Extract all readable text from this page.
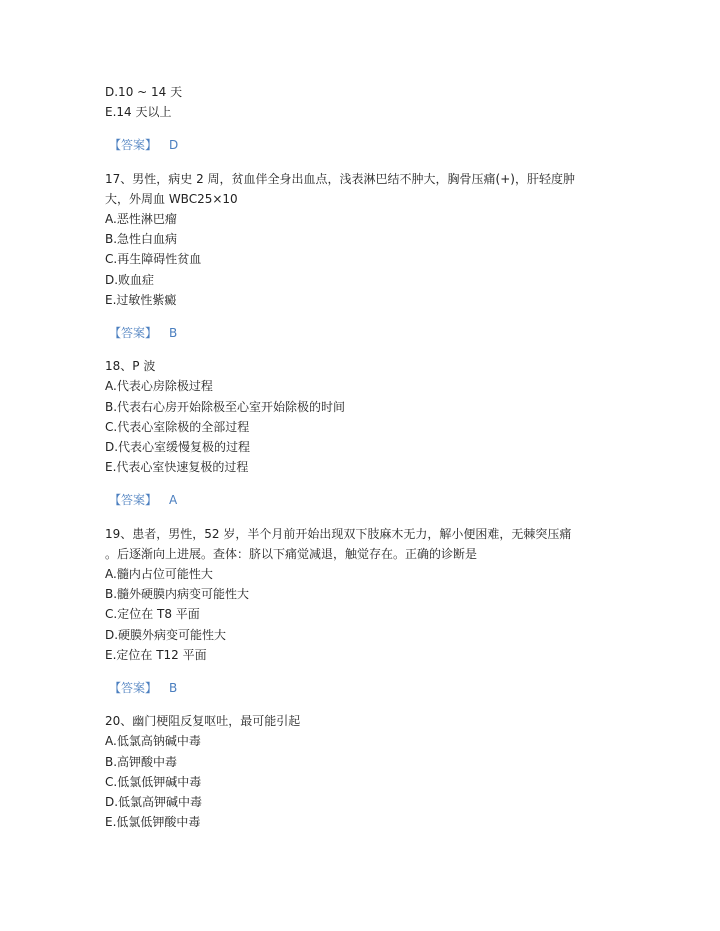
D.10 ~ 14 天
E.14 天以上
【答案】 D
17、男性，病史 2 周，贫血伴全身出血点，浅表淋巴结不肿大，胸骨压痛(+)，肝轻度肿
大，外周血 WBC25×10
A.恶性淋巴瘤
B.急性白血病
C.再生障碍性贫血
D.败血症
E.过敏性紫癜
【答案】 B
18、P 波
A.代表心房除极过程
B.代表右心房开始除极至心室开始除极的时间
C.代表心室除极的全部过程
D.代表心室缓慢复极的过程
E.代表心室快速复极的过程
【答案】 A
19、患者，男性，52 岁，半个月前开始出现双下肢麻木无力，解小便困难，无棘突压痛
。后逐渐向上进展。查体：脐以下痛觉减退，触觉存在。正确的诊断是
A.髓内占位可能性大
B.髓外硬膜内病变可能性大
C.定位在 T8 平面
D.硬膜外病变可能性大
E.定位在 T12 平面
【答案】 B
20、幽门梗阻反复呕吐，最可能引起
A.低氯高钠碱中毒
B.高钾酸中毒
C.低氯低钾碱中毒
D.低氯高钾碱中毒
E.低氯低钾酸中毒
